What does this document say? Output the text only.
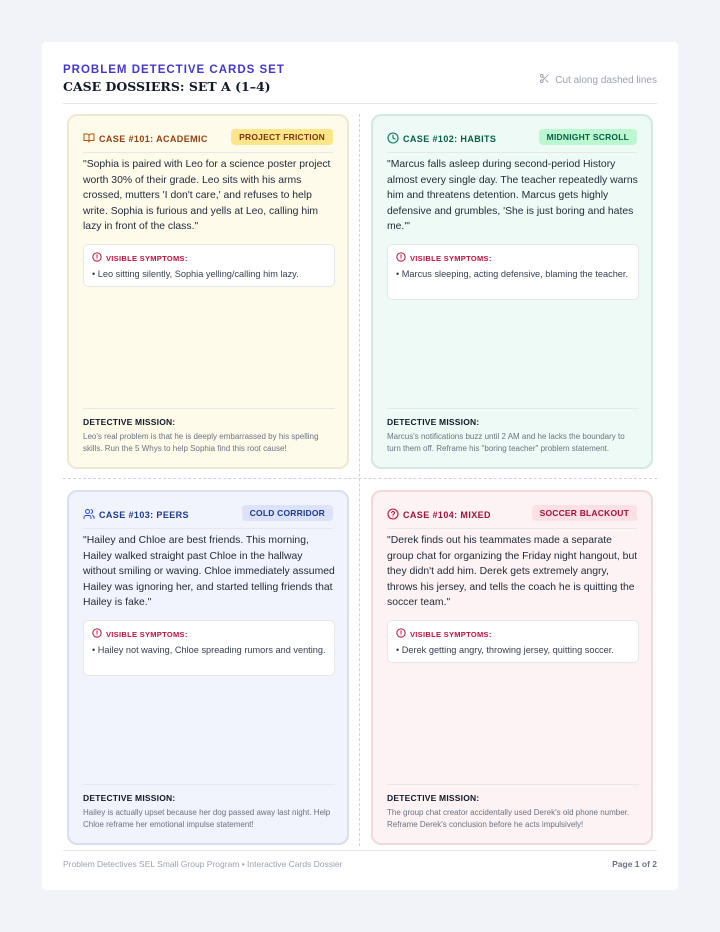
PROBLEM DETECTIVE CARDS SET
CASE DOSSIERS: SET A (1–4)	Cut along dashed lines
CASE #101: ACADEMIC	PROJECT FRICTION
"Sophia is paired with Leo for a science poster project worth 30% of their grade. Leo sits with his arms crossed, mutters 'I don't care,' and refuses to help write. Sophia is furious and yells at Leo, calling him lazy in front of the class."
VISIBLE SYMPTOMS:
• Leo sitting silently, Sophia yelling/calling him lazy.
DETECTIVE MISSION:
Leo's real problem is that he is deeply embarrassed by his spelling skills. Run the 5 Whys to help Sophia find this root cause!
CASE #102: HABITS	MIDNIGHT SCROLL
"Marcus falls asleep during second-period History almost every single day. The teacher repeatedly warns him and threatens detention. Marcus gets highly defensive and grumbles, 'She is just boring and hates me.'"
VISIBLE SYMPTOMS:
• Marcus sleeping, acting defensive, blaming the teacher.
DETECTIVE MISSION:
Marcus's notifications buzz until 2 AM and he lacks the boundary to turn them off. Reframe his "boring teacher" problem statement.
CASE #103: PEERS	COLD CORRIDOR
"Hailey and Chloe are best friends. This morning, Hailey walked straight past Chloe in the hallway without smiling or waving. Chloe immediately assumed Hailey was ignoring her, and started telling friends that Hailey is fake."
VISIBLE SYMPTOMS:
• Hailey not waving, Chloe spreading rumors and venting.
DETECTIVE MISSION:
Hailey is actually upset because her dog passed away last night. Help Chloe reframe her emotional impulse statement!
CASE #104: MIXED	SOCCER BLACKOUT
"Derek finds out his teammates made a separate group chat for organizing the Friday night hangout, but they didn't add him. Derek gets extremely angry, throws his jersey, and tells the coach he is quitting the soccer team."
VISIBLE SYMPTOMS:
• Derek getting angry, throwing jersey, quitting soccer.
DETECTIVE MISSION:
The group chat creator accidentally used Derek's old phone number. Reframe Derek's conclusion before he acts impulsively!
Problem Detectives SEL Small Group Program • Interactive Cards Dossier	Page 1 of 2
